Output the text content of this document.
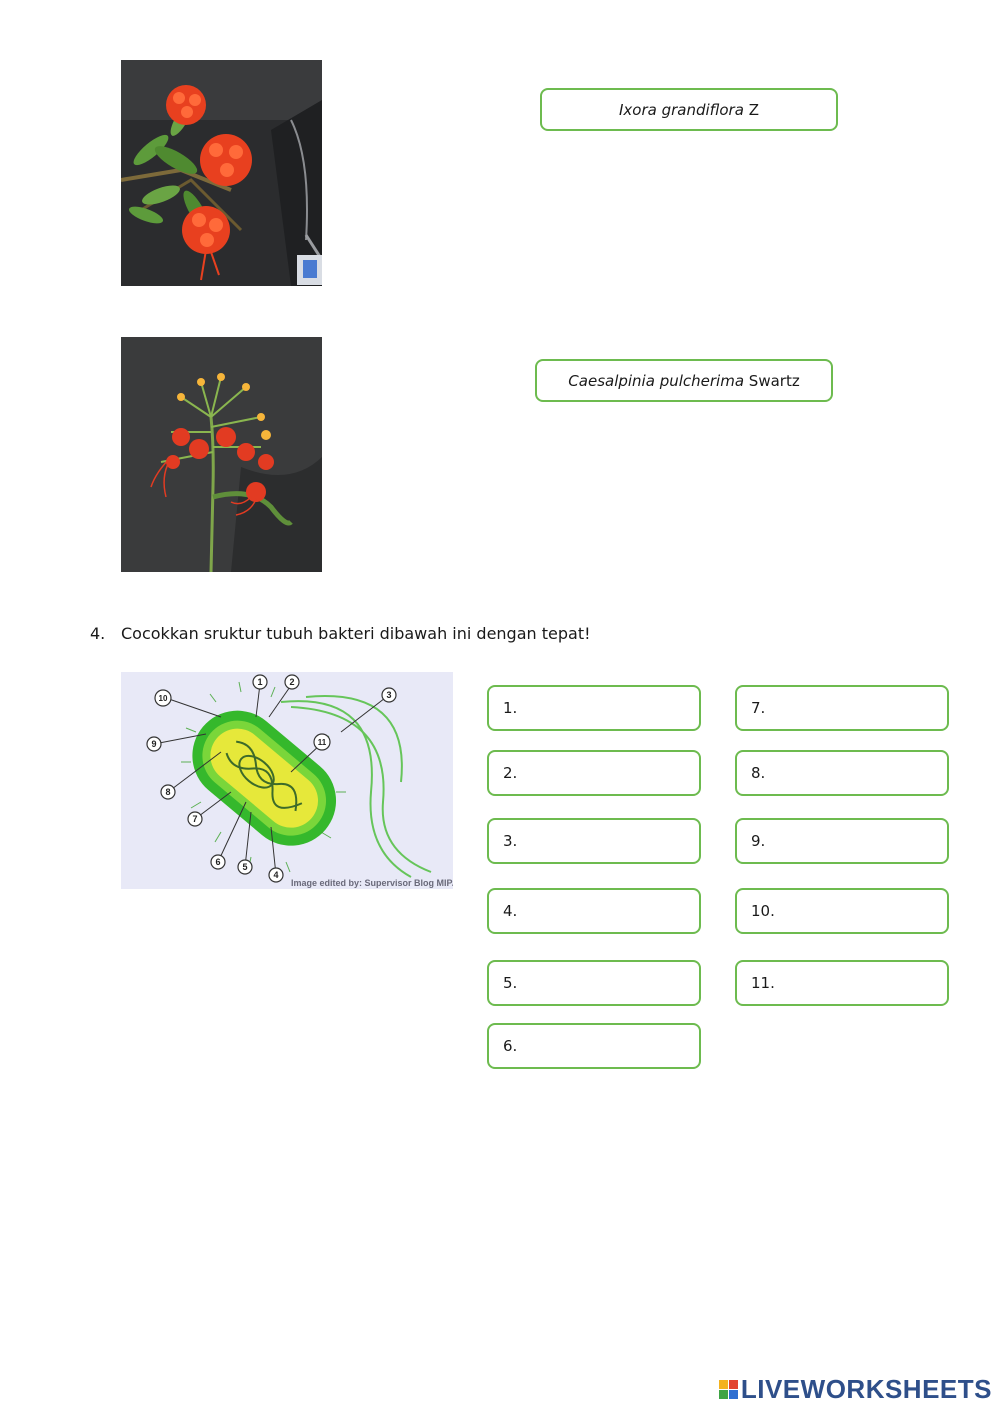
Ixora grandiflora Z
Caesalpinia pulcherima Swartz
4. Cocokkan sruktur tubuh bakteri dibawah ini dengan tepat!
1	2
3
4
5
6
7
8
9
10
11
Image edited by: Supervisor Blog MIPA
1.
2.
3.
4.
5.
6.
7.
8.
9.
10.
11.
LIVEWORKSHEETS
